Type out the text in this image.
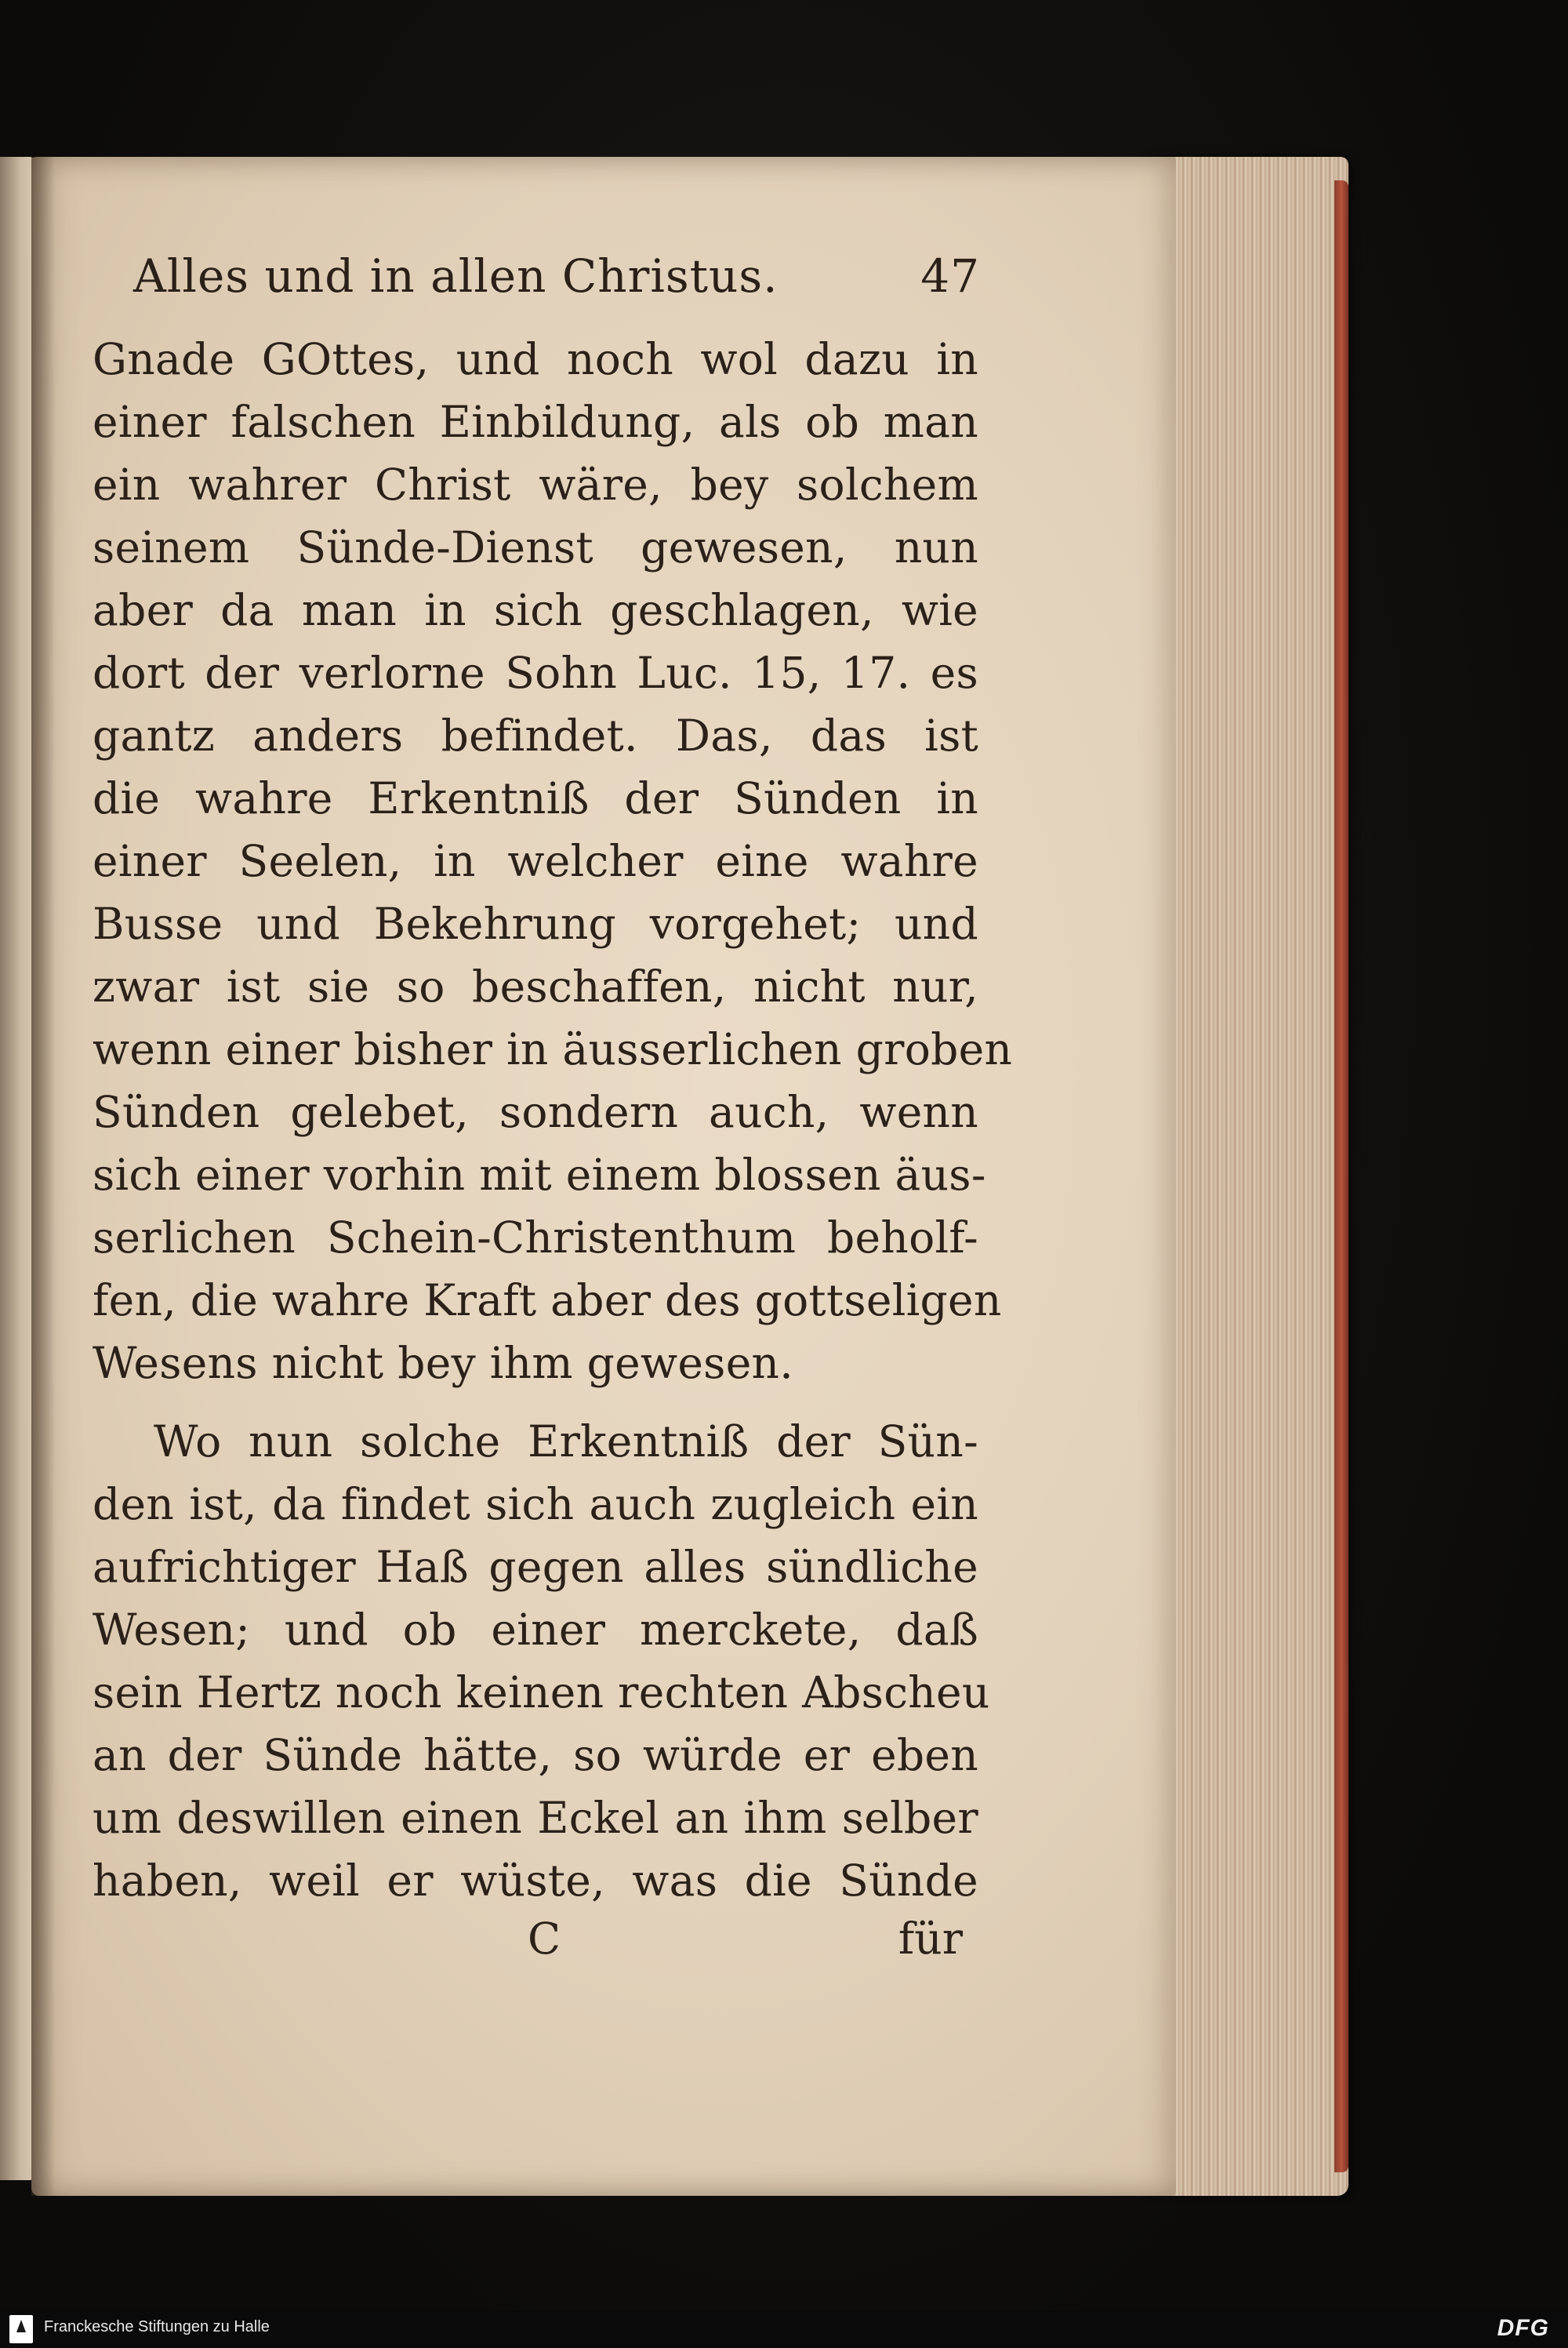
Alles und in allen Christus.	47
Gnade GOttes, und noch wol dazu in
einer falschen Einbildung, als ob man
ein wahrer Christ wäre, bey solchem
seinem Sünde-Dienst gewesen, nun
aber da man in sich geschlagen, wie
dort der verlorne Sohn Luc. 15, 17. es
gantz anders befindet. Das, das ist
die wahre Erkentniß der Sünden in
einer Seelen, in welcher eine wahre
Busse und Bekehrung vorgehet; und
zwar ist sie so beschaffen, nicht nur,
wenn einer bisher in äusserlichen groben
Sünden gelebet, sondern auch, wenn
sich einer vorhin mit einem blossen äus-
serlichen Schein-Christenthum beholf-
fen, die wahre Kraft aber des gottseligen
Wesens nicht bey ihm gewesen.
Wo nun solche Erkentniß der Sün-
den ist, da findet sich auch zugleich ein
aufrichtiger Haß gegen alles sündliche
Wesen; und ob einer merckete, daß
sein Hertz noch keinen rechten Abscheu
an der Sünde hätte, so würde er eben
um deswillen einen Eckel an ihm selber
haben, weil er wüste, was die Sünde
C	für
Franckesche Stiftungen zu Halle	DFG
